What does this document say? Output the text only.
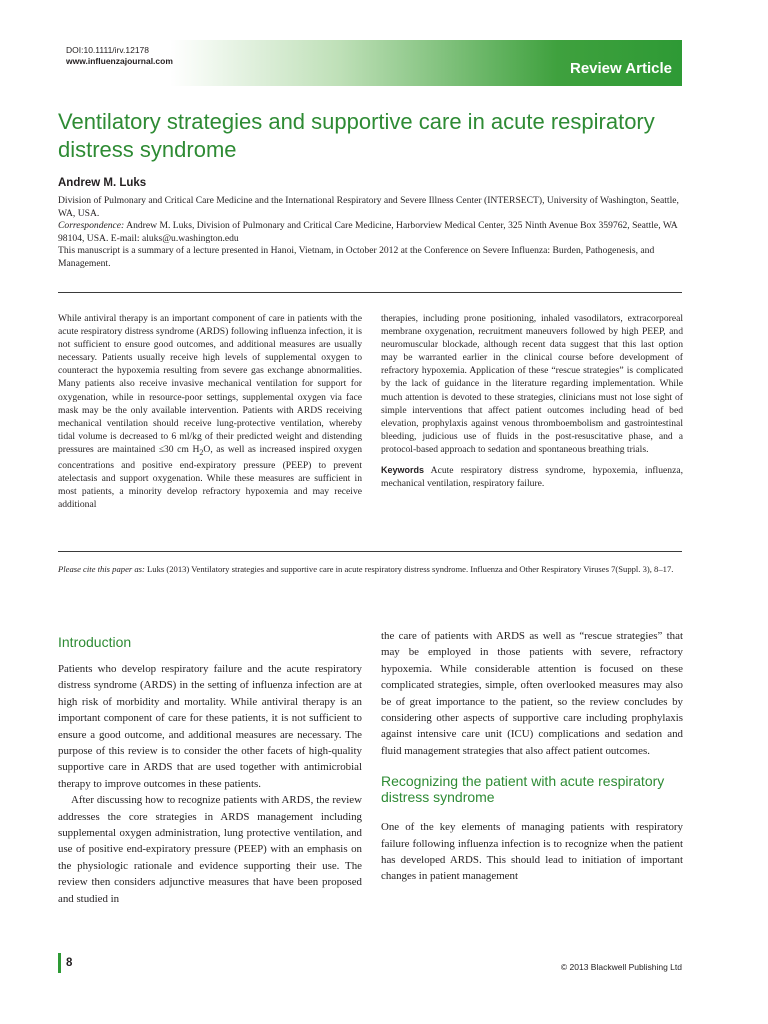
DOI:10.1111/irv.12178
www.influenzajournal.com	Review Article
Ventilatory strategies and supportive care in acute respiratory distress syndrome
Andrew M. Luks

Division of Pulmonary and Critical Care Medicine and the International Respiratory and Severe Illness Center (INTERSECT), University of Washington, Seattle, WA, USA.

Correspondence: Andrew M. Luks, Division of Pulmonary and Critical Care Medicine, Harborview Medical Center, 325 Ninth Avenue Box 359762, Seattle, WA 98104, USA. E-mail: aluks@u.washington.edu

This manuscript is a summary of a lecture presented in Hanoi, Vietnam, in October 2012 at the Conference on Severe Influenza: Burden, Pathogenesis, and Management.

While antiviral therapy is an important component of care in patients with the acute respiratory distress syndrome (ARDS) following influenza infection, it is not sufficient to ensure good outcomes, and additional measures are usually necessary. Patients usually receive high levels of supplemental oxygen to counteract the hypoxemia resulting from severe gas exchange abnormalities. Many patients also receive invasive mechanical ventilation for support for oxygenation, while in resource-poor settings, supplemental oxygen via face mask may be the only available intervention. Patients with ARDS receiving mechanical ventilation should receive lung-protective ventilation, whereby tidal volume is decreased to 6 ml/kg of their predicted weight and distending pressures are maintained ≤30 cm $H_2O$, as well as increased inspired oxygen concentrations and positive end-expiratory pressure (PEEP) to prevent atelectasis and support oxygenation. While these measures are sufficient in most patients, a minority develop refractory hypoxemia and may receive additional

therapies, including prone positioning, inhaled vasodilators, extracorporeal membrane oxygenation, recruitment maneuvers followed by high PEEP, and neuromuscular blockade, although recent data suggest that this last option may be warranted earlier in the clinical course before development of refractory hypoxemia. Application of these “rescue strategies” is complicated by the lack of guidance in the literature regarding implementation. While much attention is devoted to these strategies, clinicians must not lose sight of simple interventions that affect patient outcomes including head of bed elevation, prophylaxis against venous thromboembolism and gastrointestinal bleeding, judicious use of fluids in the post-resuscitative phase, and a protocol-based approach to sedation and spontaneous breathing trials.

Keywords Acute respiratory distress syndrome, hypoxemia, influenza, mechanical ventilation, respiratory failure.

Please cite this paper as: Luks (2013) Ventilatory strategies and supportive care in acute respiratory distress syndrome. Influenza and Other Respiratory Viruses 7(Suppl. 3), 8–17.
Introduction

Patients who develop respiratory failure and the acute respiratory distress syndrome (ARDS) in the setting of influenza infection are at high risk of morbidity and mortality. While antiviral therapy is an important component of care for these patients, it is not sufficient to ensure a good outcome, and additional measures are necessary. The purpose of this review is to consider the other facets of high-quality supportive care in ARDS that are used together with antimicrobial therapy to improve outcomes in these patients.

After discussing how to recognize patients with ARDS, the review addresses the core strategies in ARDS management including supplemental oxygen administration, lung protective ventilation, and use of positive end-expiratory pressure (PEEP) with an emphasis on the physiologic rationale and evidence supporting their use. The review then considers adjunctive measures that have been proposed and studied in

the care of patients with ARDS as well as “rescue strategies” that may be employed in those patients with severe, refractory hypoxemia. While considerable attention is focused on these complicated strategies, simple, often overlooked measures may also be of great importance to the patient, so the review concludes by considering other aspects of supportive care including prophylaxis against intensive care unit (ICU) complications and sedation and fluid management strategies that also affect patient outcomes.

Recognizing the patient with acute respiratory distress syndrome

One of the key elements of managing patients with respiratory failure following influenza infection is to recognize when the patient has developed ARDS. This should lead to initiation of important changes in patient management

8	© 2013 Blackwell Publishing Ltd
